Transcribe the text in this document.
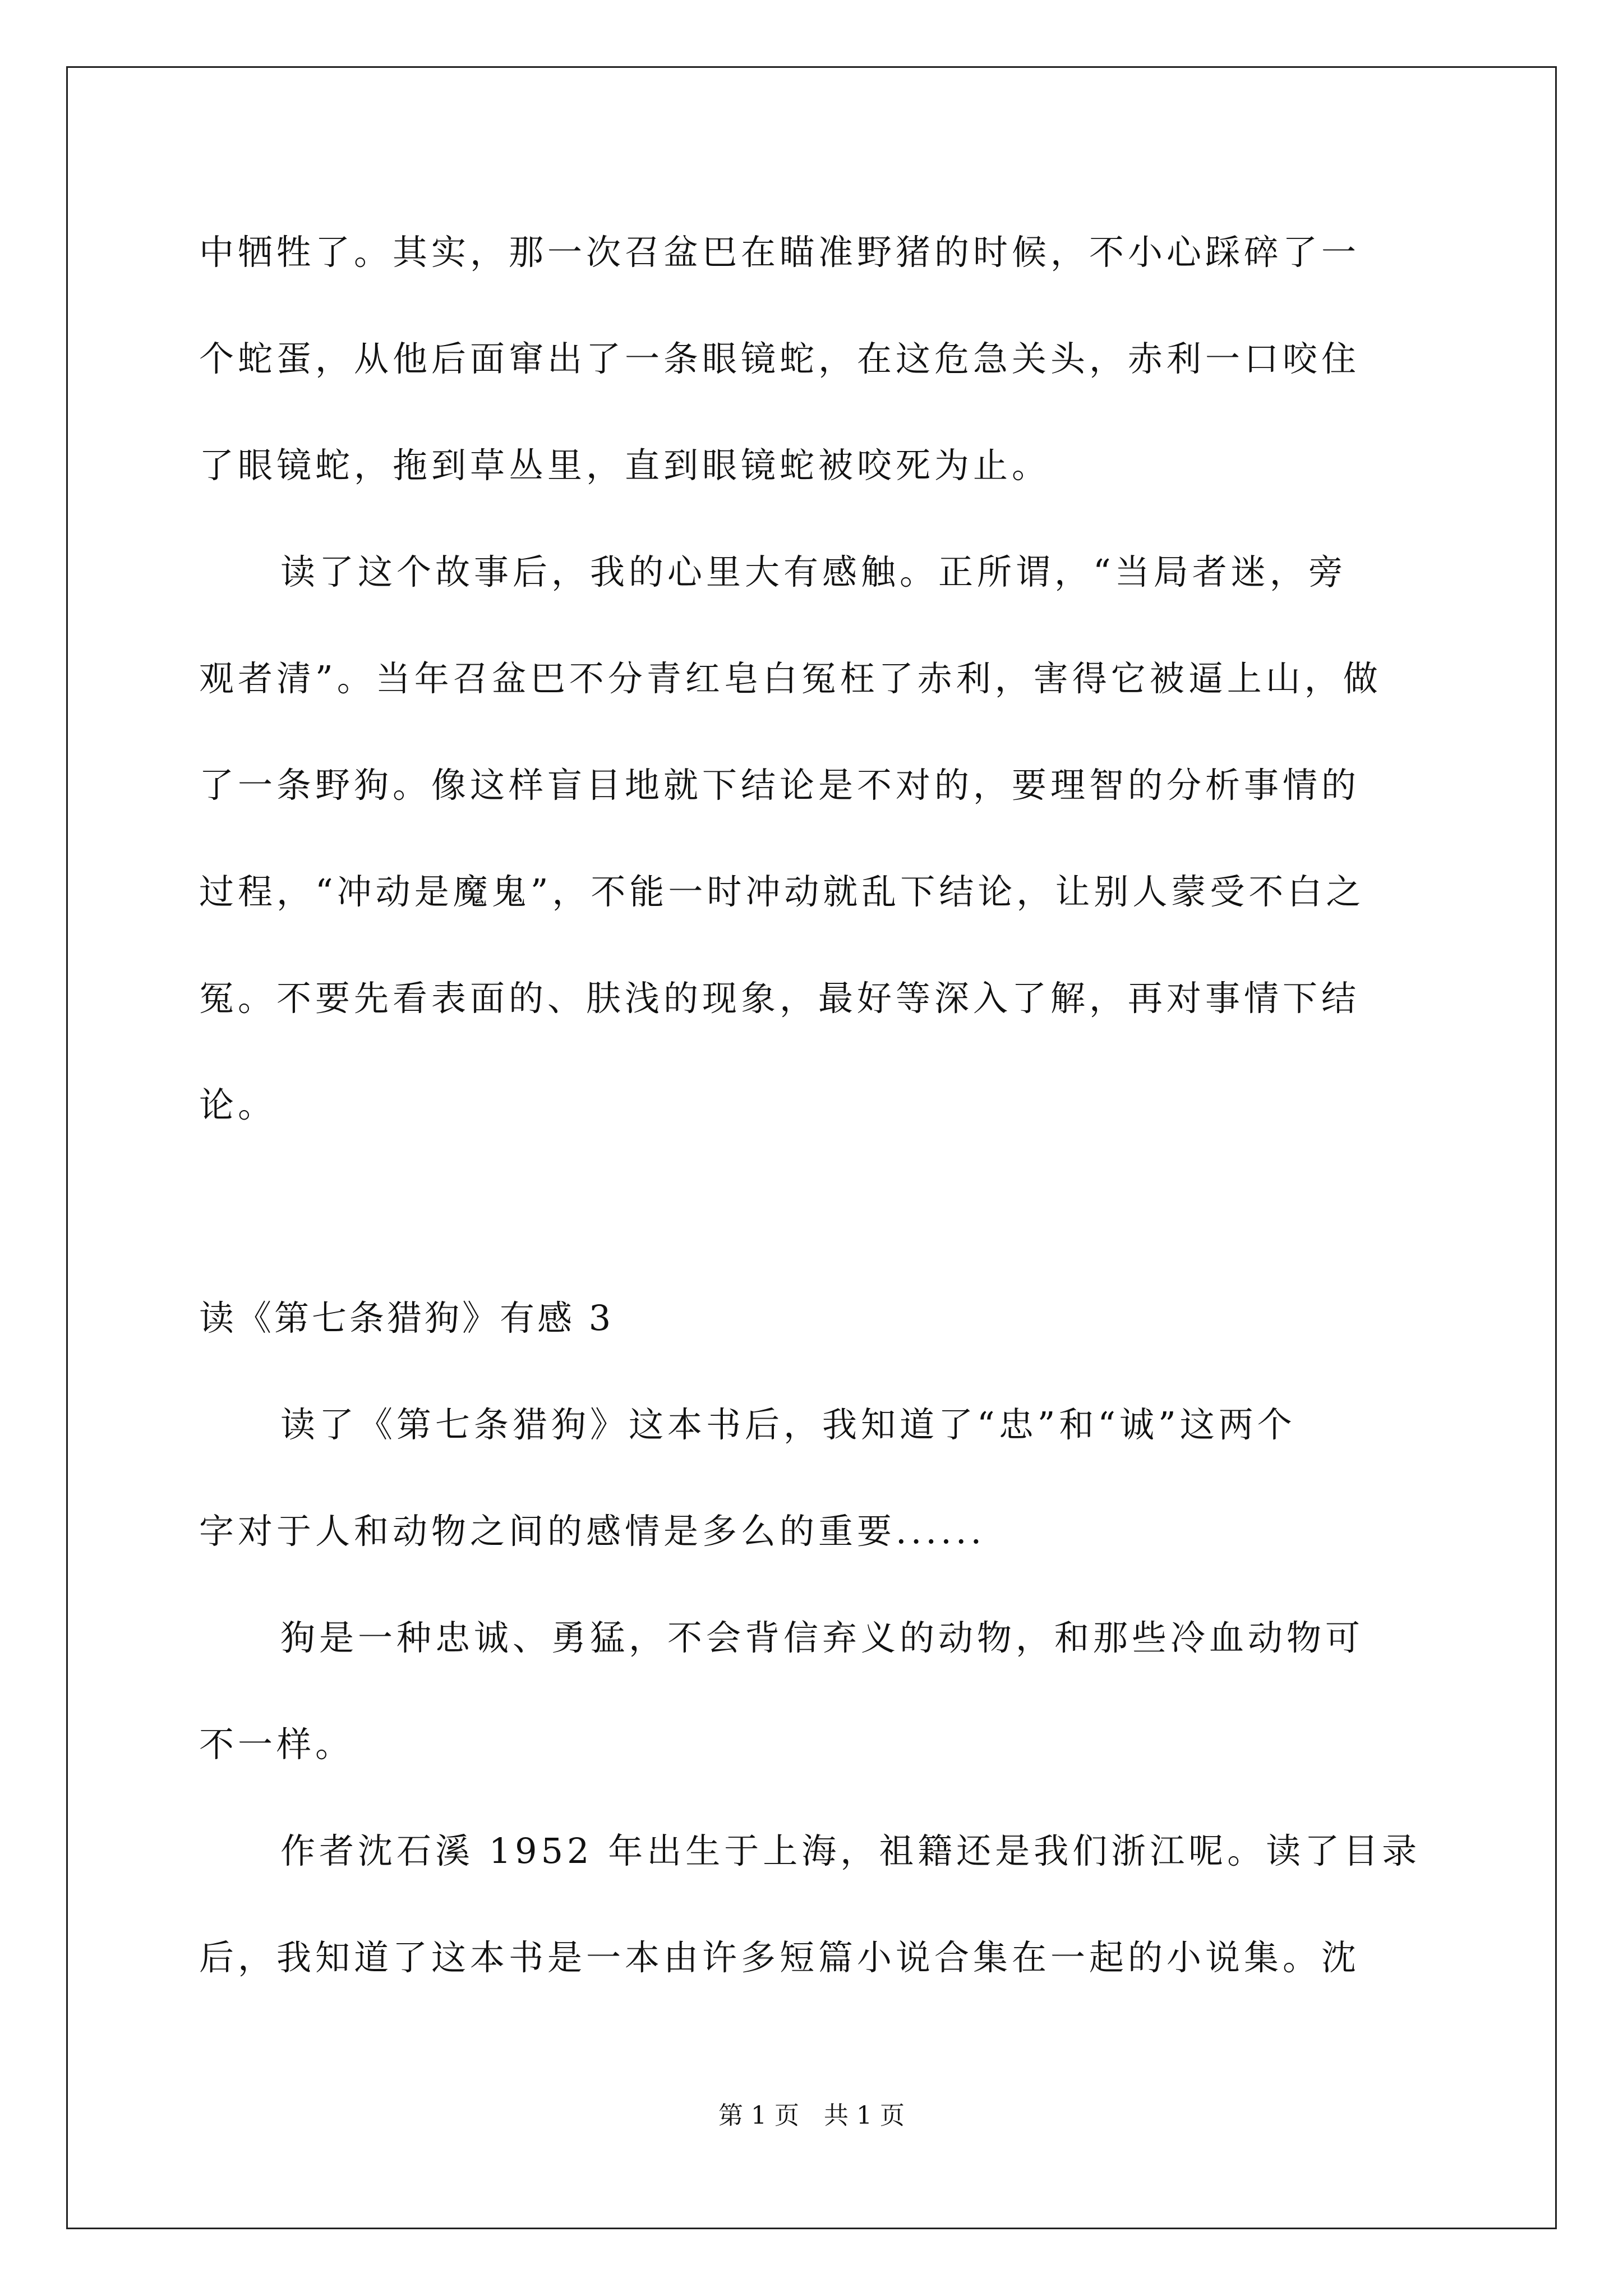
中牺牲了。其实，那一次召盆巴在瞄准野猪的时候，不小心踩碎了一
个蛇蛋，从他后面窜出了一条眼镜蛇，在这危急关头，赤利一口咬住
了眼镜蛇，拖到草丛里，直到眼镜蛇被咬死为止。
读了这个故事后，我的心里大有感触。正所谓，“当局者迷，旁
观者清”。当年召盆巴不分青红皂白冤枉了赤利，害得它被逼上山，做
了一条野狗。像这样盲目地就下结论是不对的，要理智的分析事情的
过程，“冲动是魔鬼”，不能一时冲动就乱下结论，让别人蒙受不白之
冤。不要先看表面的、肤浅的现象，最好等深入了解，再对事情下结
论。
读《第七条猎狗》有感 3
读了《第七条猎狗》这本书后，我知道了“忠”和“诚”这两个
字对于人和动物之间的感情是多么的重要......
狗是一种忠诚、勇猛，不会背信弃义的动物，和那些冷血动物可
不一样。
作者沈石溪 1952 年出生于上海，祖籍还是我们浙江呢。读了目录
后，我知道了这本书是一本由许多短篇小说合集在一起的小说集。沈
第 1 页　共 1 页
